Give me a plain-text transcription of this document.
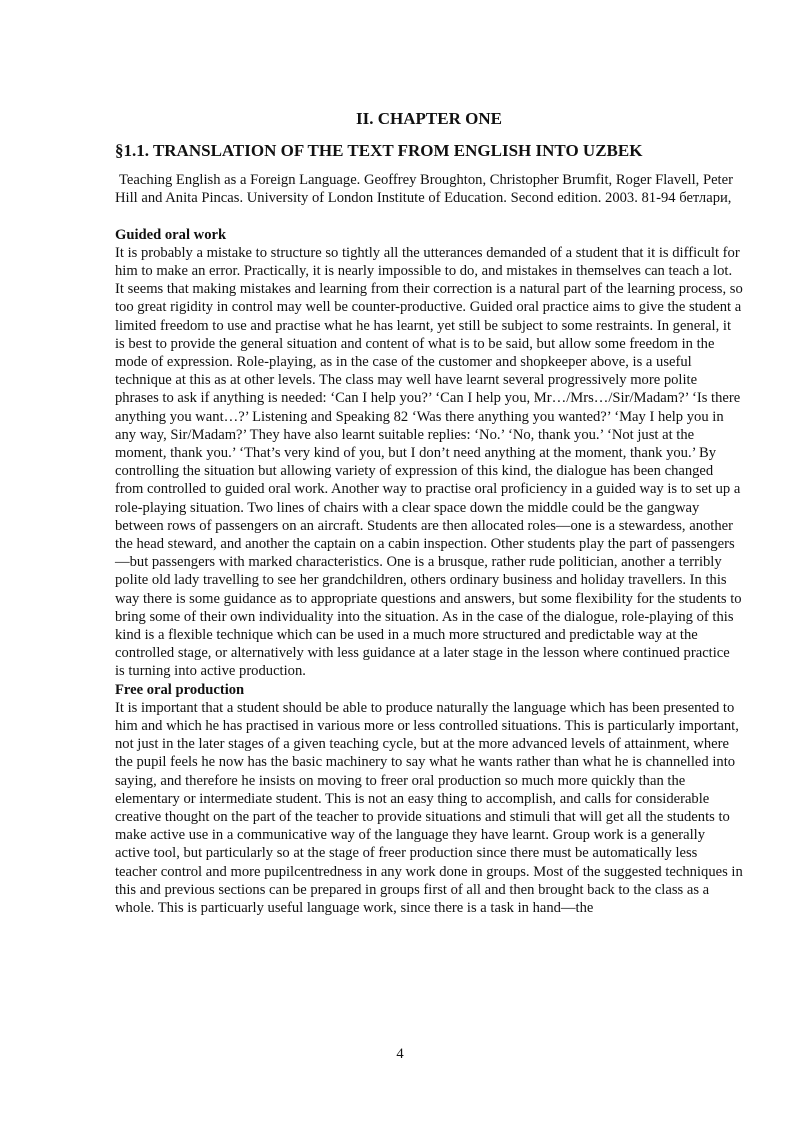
II. CHAPTER ONE
§1.1. TRANSLATION OF THE TEXT FROM ENGLISH INTO UZBEK

Teaching English as a Foreign Language. Geoffrey Broughton, Christopher Brumfit, Roger Flavell, Peter Hill and Anita Pincas. University of London Institute of Education. Second edition. 2003. 81-94 бетлари,

Guided oral work

It is probably a mistake to structure so tightly all the utterances demanded of a student that it is difficult for him to make an error. Practically, it is nearly impossible to do, and mistakes in themselves can teach a lot. It seems that making mistakes and learning from their correction is a natural part of the learning process, so too great rigidity in control may well be counter-productive. Guided oral practice aims to give the student a limited freedom to use and practise what he has learnt, yet still be subject to some restraints. In general, it is best to provide the general situation and content of what is to be said, but allow some freedom in the mode of expression. Role-playing, as in the case of the customer and shopkeeper above, is a useful technique at this as at other levels. The class may well have learnt several progressively more polite phrases to ask if anything is needed: ‘Can I help you?’ ‘Can I help you, Mr…/Mrs…/Sir/Madam?’ ‘Is there anything you want…?’ Listening and Speaking 82 ‘Was there anything you wanted?’ ‘May I help you in any way, Sir/Madam?’ They have also learnt suitable replies: ‘No.’ ‘No, thank you.’ ‘Not just at the moment, thank you.’ ‘That’s very kind of you, but I don’t need anything at the moment, thank you.’ By controlling the situation but allowing variety of expression of this kind, the dialogue has been changed from controlled to guided oral work. Another way to practise oral proficiency in a guided way is to set up a role-playing situation. Two lines of chairs with a clear space down the middle could be the gangway between rows of passengers on an aircraft. Students are then allocated roles—one is a stewardess, another the head steward, and another the captain on a cabin inspection. Other students play the part of passengers—but passengers with marked characteristics. One is a brusque, rather rude politician, another a terribly polite old lady travelling to see her grandchildren, others ordinary business and holiday travellers. In this way there is some guidance as to appropriate questions and answers, but some flexibility for the students to bring some of their own individuality into the situation. As in the case of the dialogue, role-playing of this kind is a flexible technique which can be used in a much more structured and predictable way at the controlled stage, or alternatively with less guidance at a later stage in the lesson where continued practice is turning into active production.

Free oral production

It is important that a student should be able to produce naturally the language which has been presented to him and which he has practised in various more or less controlled situations. This is particularly important, not just in the later stages of a given teaching cycle, but at the more advanced levels of attainment, where the pupil feels he now has the basic machinery to say what he wants rather than what he is channelled into saying, and therefore he insists on moving to freer oral production so much more quickly than the elementary or intermediate student. This is not an easy thing to accomplish, and calls for considerable creative thought on the part of the teacher to provide situations and stimuli that will get all the students to make active use in a communicative way of the language they have learnt. Group work is a generally active tool, but particularly so at the stage of freer production since there must be automatically less teacher control and more pupilcentredness in any work done in groups. Most of the suggested techniques in this and previous sections can be prepared in groups first of all and then brought back to the class as a whole. This is particuarly useful language work, since there is a task in hand—the

4
